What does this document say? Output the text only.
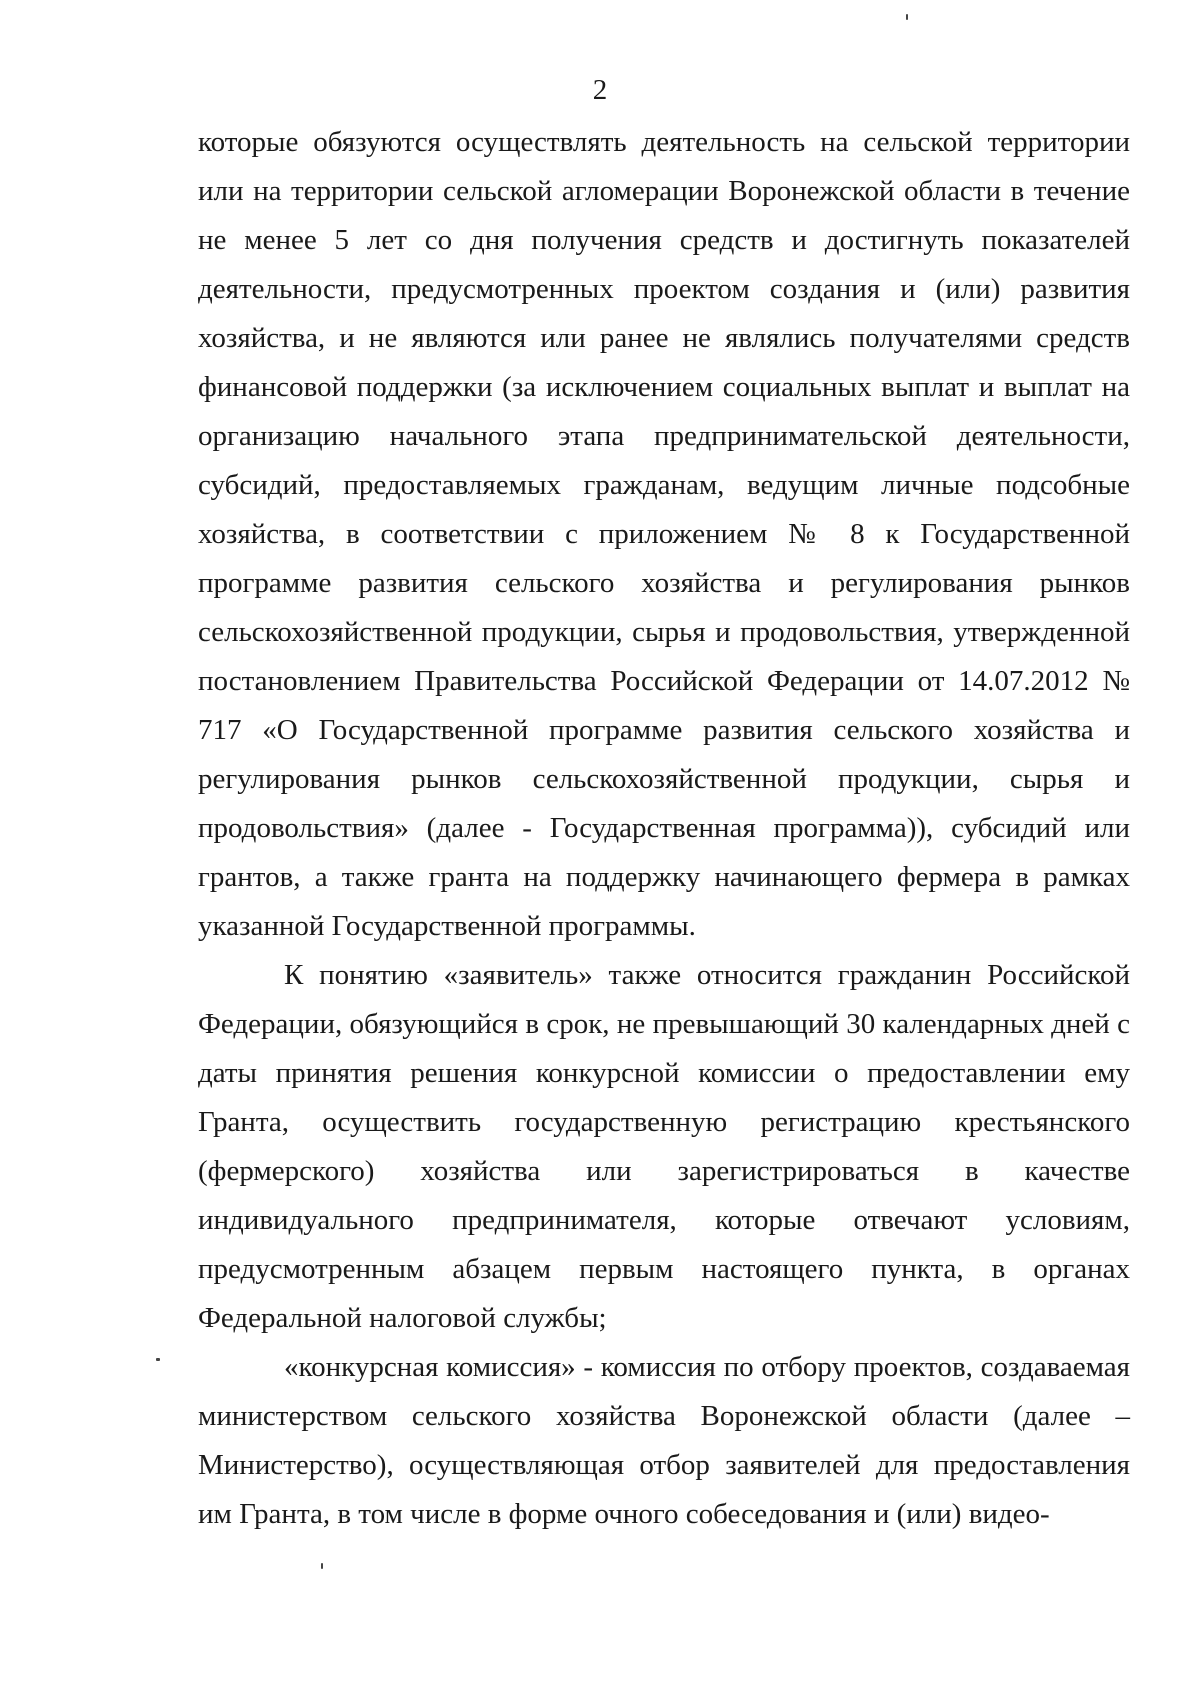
2

которые обязуются осуществлять деятельность на сельской территории или на территории сельской агломерации Воронежской области в течение не менее 5 лет со дня получения средств и достигнуть показателей деятельности, предусмотренных проектом создания и (или) развития хозяйства, и не являются или ранее не являлись получателями средств финансовой поддержки (за исключением социальных выплат и выплат на организацию начального этапа предпринимательской деятельности, субсидий, предоставляемых гражданам, ведущим личные подсобные хозяйства, в соответствии с приложением № 8 к Государственной программе развития сельского хозяйства и регулирования рынков сельскохозяйственной продукции, сырья и продовольствия, утвержденной постановлением Правительства Российской Федерации от 14.07.2012 № 717 «О Государственной программе развития сельского хозяйства и регулирования рынков сельскохозяйственной продукции, сырья и продовольствия» (далее - Государственная программа)), субсидий или грантов, а также гранта на поддержку начинающего фермера в рамках указанной Государственной программы.

К понятию «заявитель» также относится гражданин Российской Федерации, обязующийся в срок, не превышающий 30 календарных дней с даты принятия решения конкурсной комиссии о предоставлении ему Гранта, осуществить государственную регистрацию крестьянского (фермерского) хозяйства или зарегистрироваться в качестве индивидуального предпринимателя, которые отвечают условиям, предусмотренным абзацем первым настоящего пункта, в органах Федеральной налоговой службы;

«конкурсная комиссия» - комиссия по отбору проектов, создаваемая министерством сельского хозяйства Воронежской области (далее – Министерство), осуществляющая отбор заявителей для предоставления им Гранта, в том числе в форме очного собеседования и (или) видео-
